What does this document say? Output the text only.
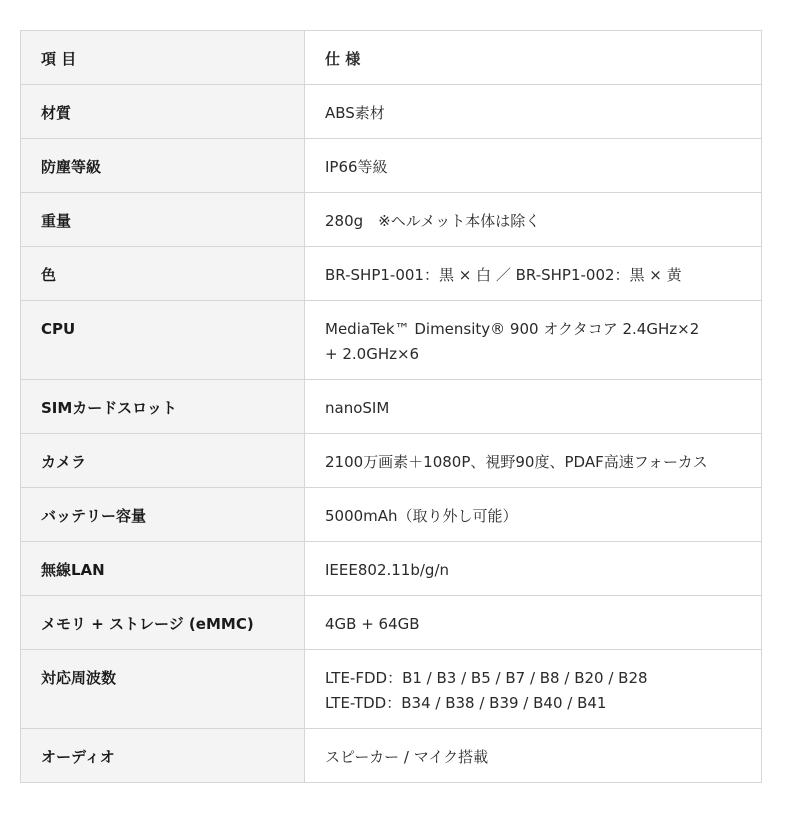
項 目	仕 様
材質	ABS素材

防塵等級	IP66等級

重量	280g　※ヘルメット本体は除く

色	BR-SHP1-001：黒 × 白 ／ BR-SHP1-002：黒 × 黄

CPU	MediaTek™ Dimensity® 900 オクタコア 2.4GHz×2
+ 2.0GHz×6

SIMカードスロット	nanoSIM

カメラ	2100万画素＋1080P、視野90度、PDAF高速フォーカス

バッテリー容量	5000mAh（取り外し可能）

無線LAN	IEEE802.11b/g/n

メモリ + ストレージ (eMMC)	4GB + 64GB

対応周波数	LTE-FDD：B1 / B3 / B5 / B7 / B8 / B20 / B28
LTE-TDD：B34 / B38 / B39 / B40 / B41

オーディオ	スピーカー / マイク搭載
